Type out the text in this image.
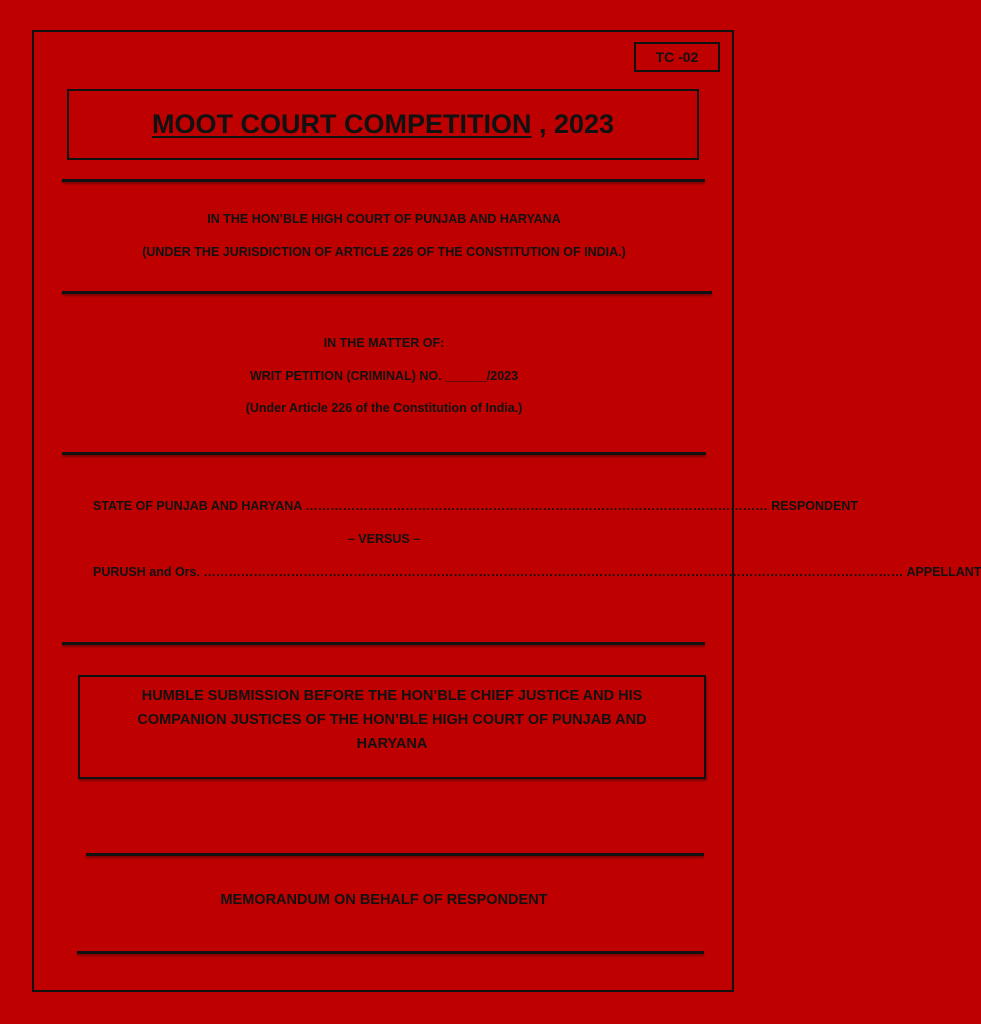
TC -02
MOOT COURT COMPETITION , 2023
IN THE HON’BLE HIGH COURT OF PUNJAB AND HARYANA
(UNDER THE JURISDICTION OF ARTICLE 226 OF THE CONSTITUTION OF INDIA.)
IN THE MATTER OF:
WRIT PETITION (CRIMINAL) NO. ______/2023
(Under Article 226 of the Constitution of India.)
STATE OF PUNJAB AND HARYANA ………………………………………………………………………………………………… RESPONDENT
– VERSUS –
PURUSH and Ors. …………………………………………………………………………………………………………………………………………………… APPELLANT
HUMBLE SUBMISSION BEFORE THE HON’BLE CHIEF JUSTICE AND HIS COMPANION JUSTICES OF THE HON’BLE HIGH COURT OF PUNJAB AND HARYANA
MEMORANDUM ON BEHALF OF RESPONDENT
